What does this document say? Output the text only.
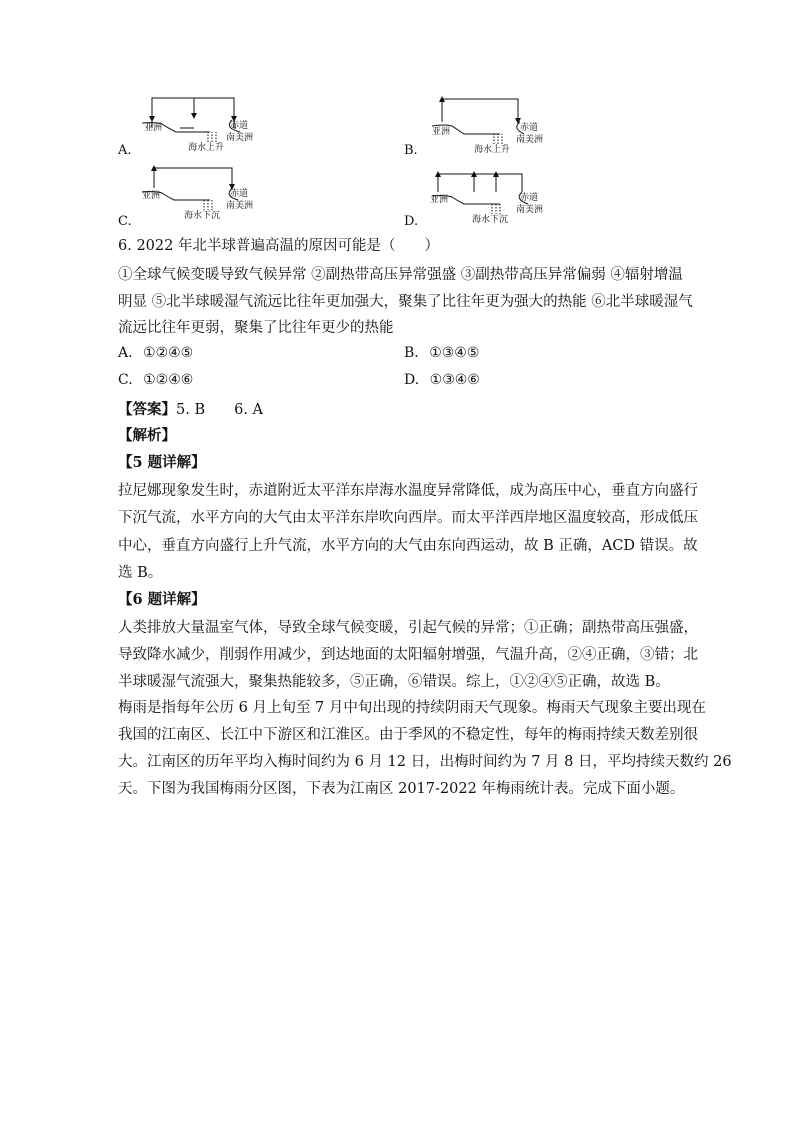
A.
亚洲	赤道
南美洲
海水上升	B.
亚洲	赤道
南美洲
海水上升
C.
亚洲	赤道
南美洲
海水下沉	D.
亚洲	赤道
南美洲
海水下沉
6. 2022 年北半球普遍高温的原因可能是（　　）
①全球气候变暖导致气候异常 ②副热带高压异常强盛 ③副热带高压异常偏弱 ④辐射增温
明显 ⑤北半球暖湿气流远比往年更加强大，聚集了比往年更为强大的热能 ⑥北半球暖湿气
流远比往年更弱，聚集了比往年更少的热能
A. ①②④⑤	B. ①③④⑤
C. ①②④⑥	D. ①③④⑥
【答案】5. B　　6. A
【解析】
【5 题详解】
拉尼娜现象发生时，赤道附近太平洋东岸海水温度异常降低，成为高压中心，垂直方向盛行
下沉气流，水平方向的大气由太平洋东岸吹向西岸。而太平洋西岸地区温度较高，形成低压
中心，垂直方向盛行上升气流，水平方向的大气由东向西运动，故 B 正确，ACD 错误。故
选 B。
【6 题详解】
人类排放大量温室气体，导致全球气候变暖，引起气候的异常；①正确；副热带高压强盛，
导致降水减少，削弱作用减少，到达地面的太阳辐射增强，气温升高，②④正确，③错；北
半球暖湿气流强大，聚集热能较多，⑤正确，⑥错误。综上，①②④⑤正确，故选 B。
梅雨是指每年公历 6 月上旬至 7 月中旬出现的持续阴雨天气现象。梅雨天气现象主要出现在
我国的江南区、长江中下游区和江淮区。由于季风的不稳定性，每年的梅雨持续天数差别很
大。江南区的历年平均入梅时间约为 6 月 12 日，出梅时间约为 7 月 8 日，平均持续天数约 26
天。下图为我国梅雨分区图，下表为江南区 2017-2022 年梅雨统计表。完成下面小题。
